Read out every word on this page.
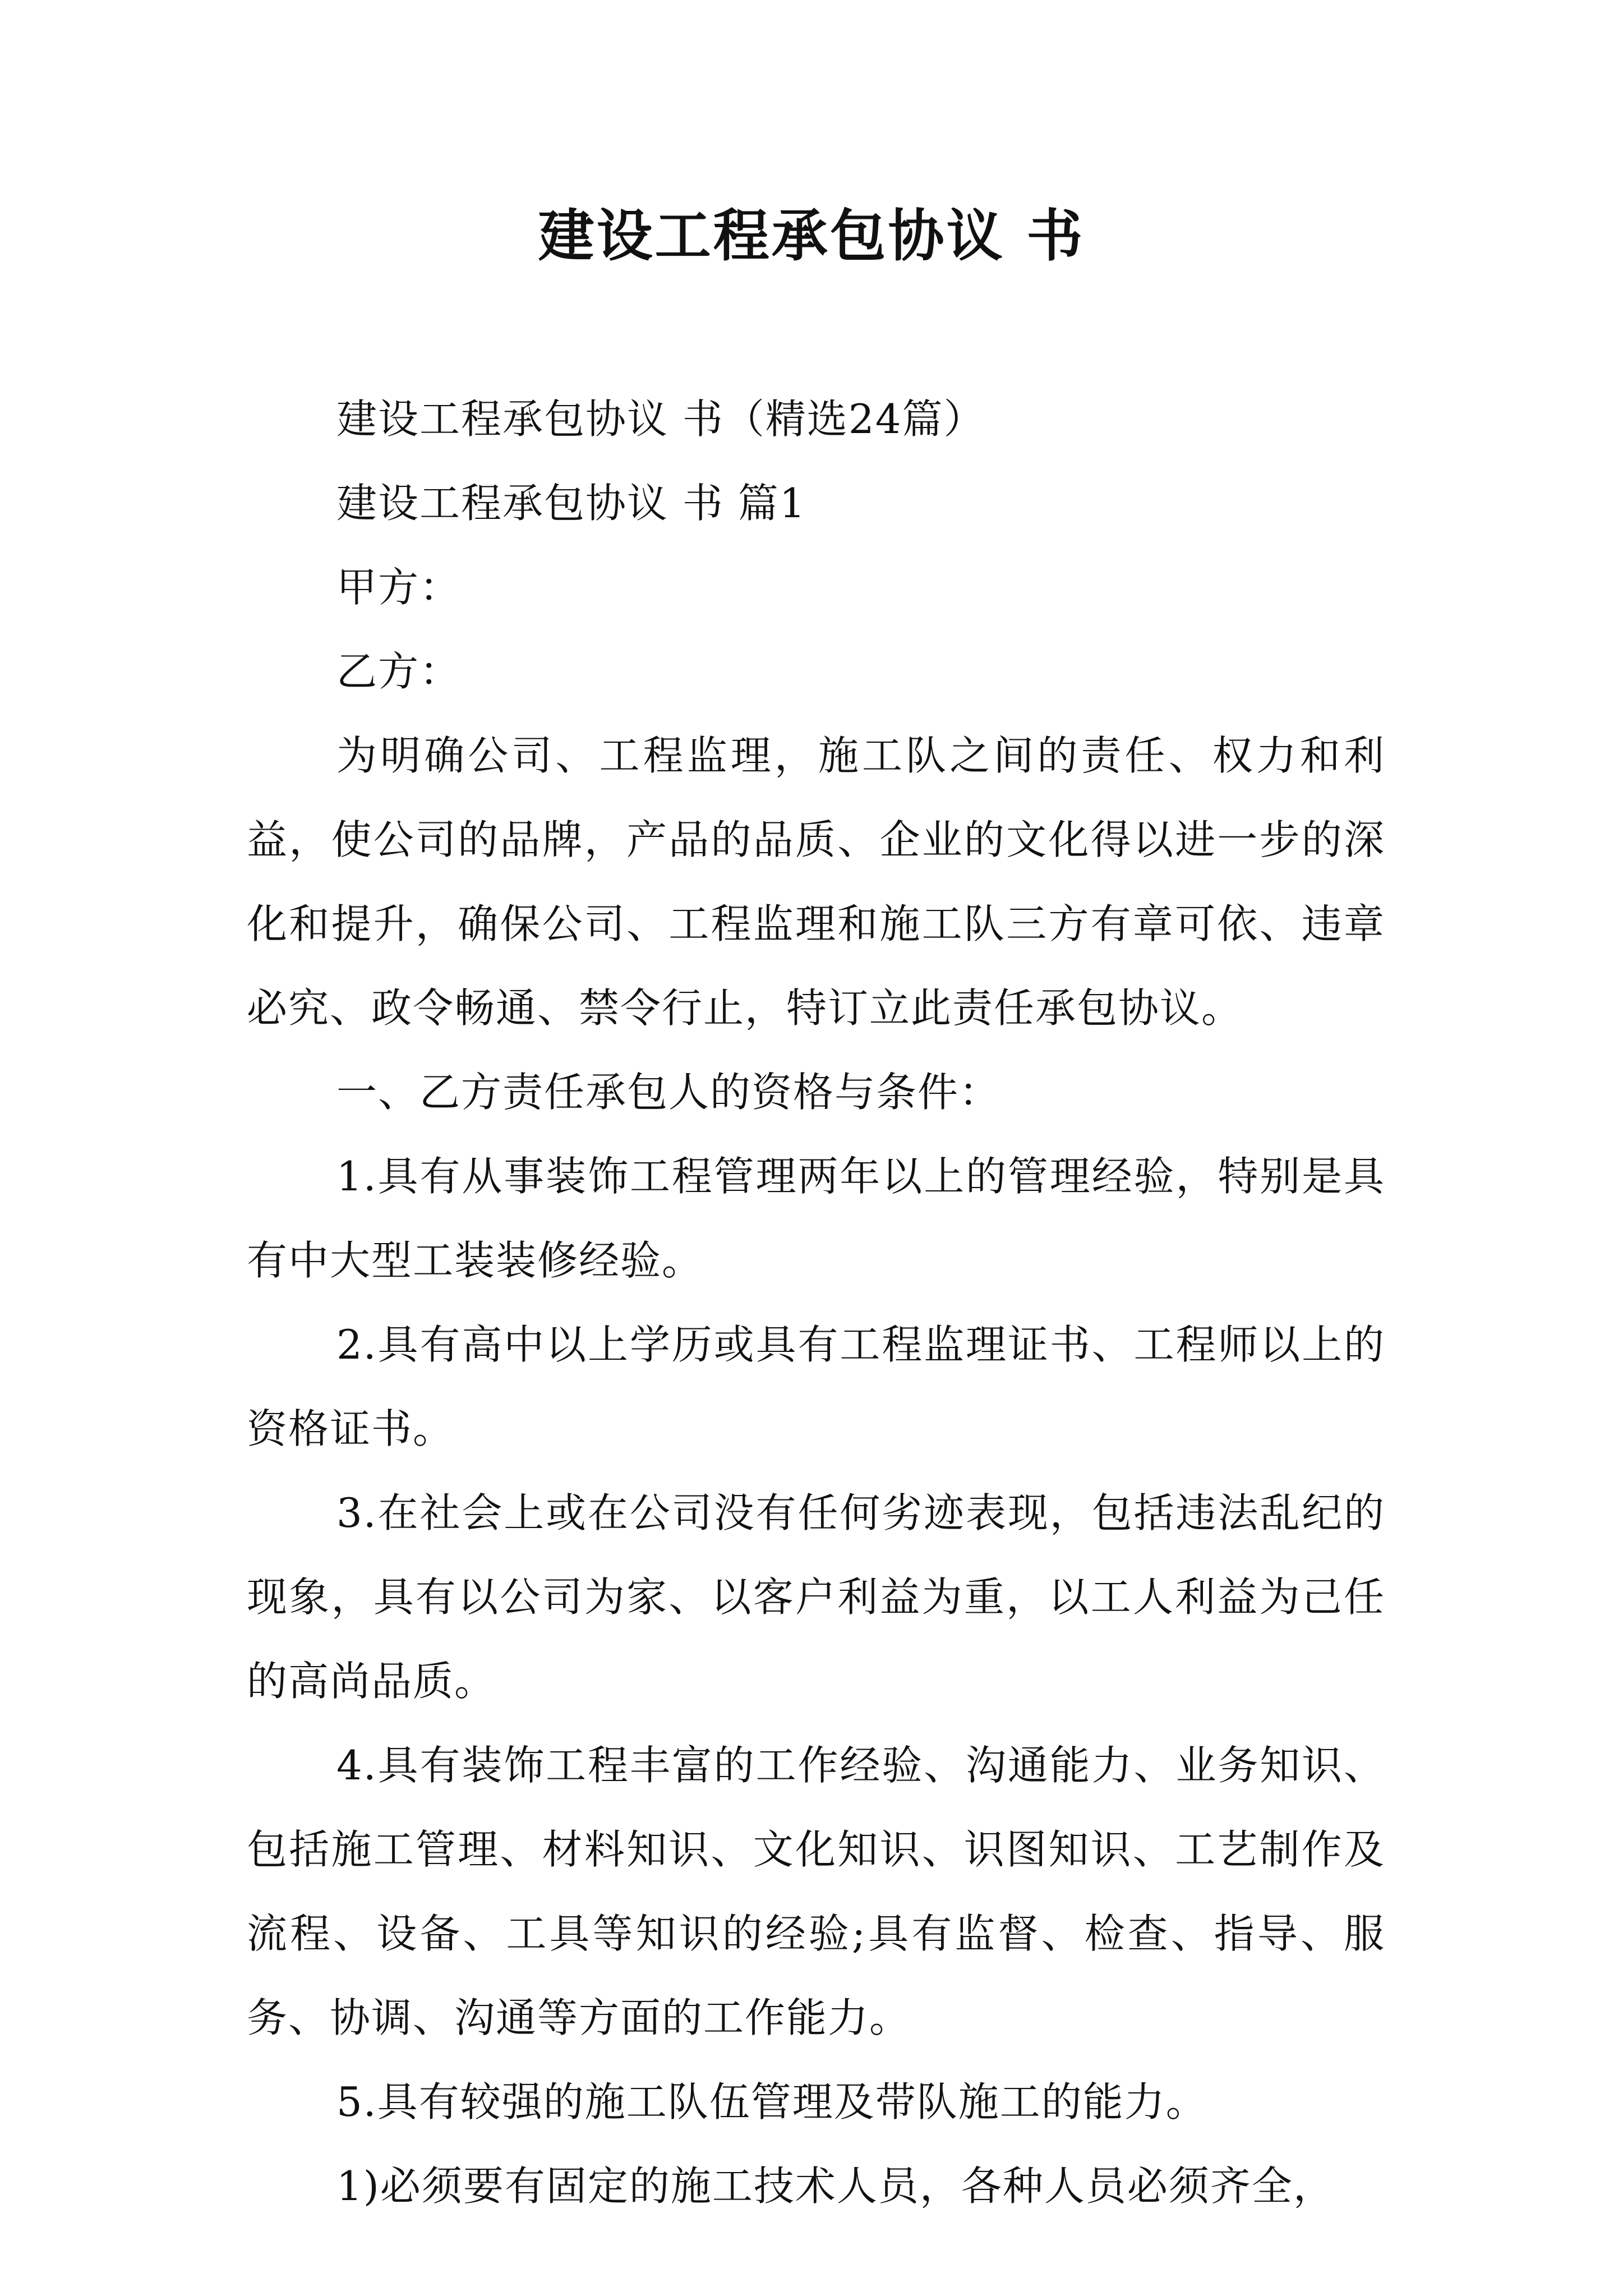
建设工程承包协议 书

建设工程承包协议 书（精选24篇）

建设工程承包协议 书 篇1

甲方：

乙方：

为明确公司、工程监理，施工队之间的责任、权力和利益，使公司的品牌，产品的品质、企业的文化得以进一步的深化和提升，确保公司、工程监理和施工队三方有章可依、违章必究、政令畅通、禁令行止，特订立此责任承包协议。

一、乙方责任承包人的资格与条件：

1.具有从事装饰工程管理两年以上的管理经验，特别是具有中大型工装装修经验。

2.具有高中以上学历或具有工程监理证书、工程师以上的资格证书。

3.在社会上或在公司没有任何劣迹表现，包括违法乱纪的现象，具有以公司为家、以客户利益为重，以工人利益为己任的高尚品质。

4.具有装饰工程丰富的工作经验、沟通能力、业务知识、包括施工管理、材料知识、文化知识、识图知识、工艺制作及流程、设备、工具等知识的经验;具有监督、检查、指导、服务、协调、沟通等方面的工作能力。

5.具有较强的施工队伍管理及带队施工的能力。

1)必须要有固定的施工技术人员，各种人员必须齐全，
